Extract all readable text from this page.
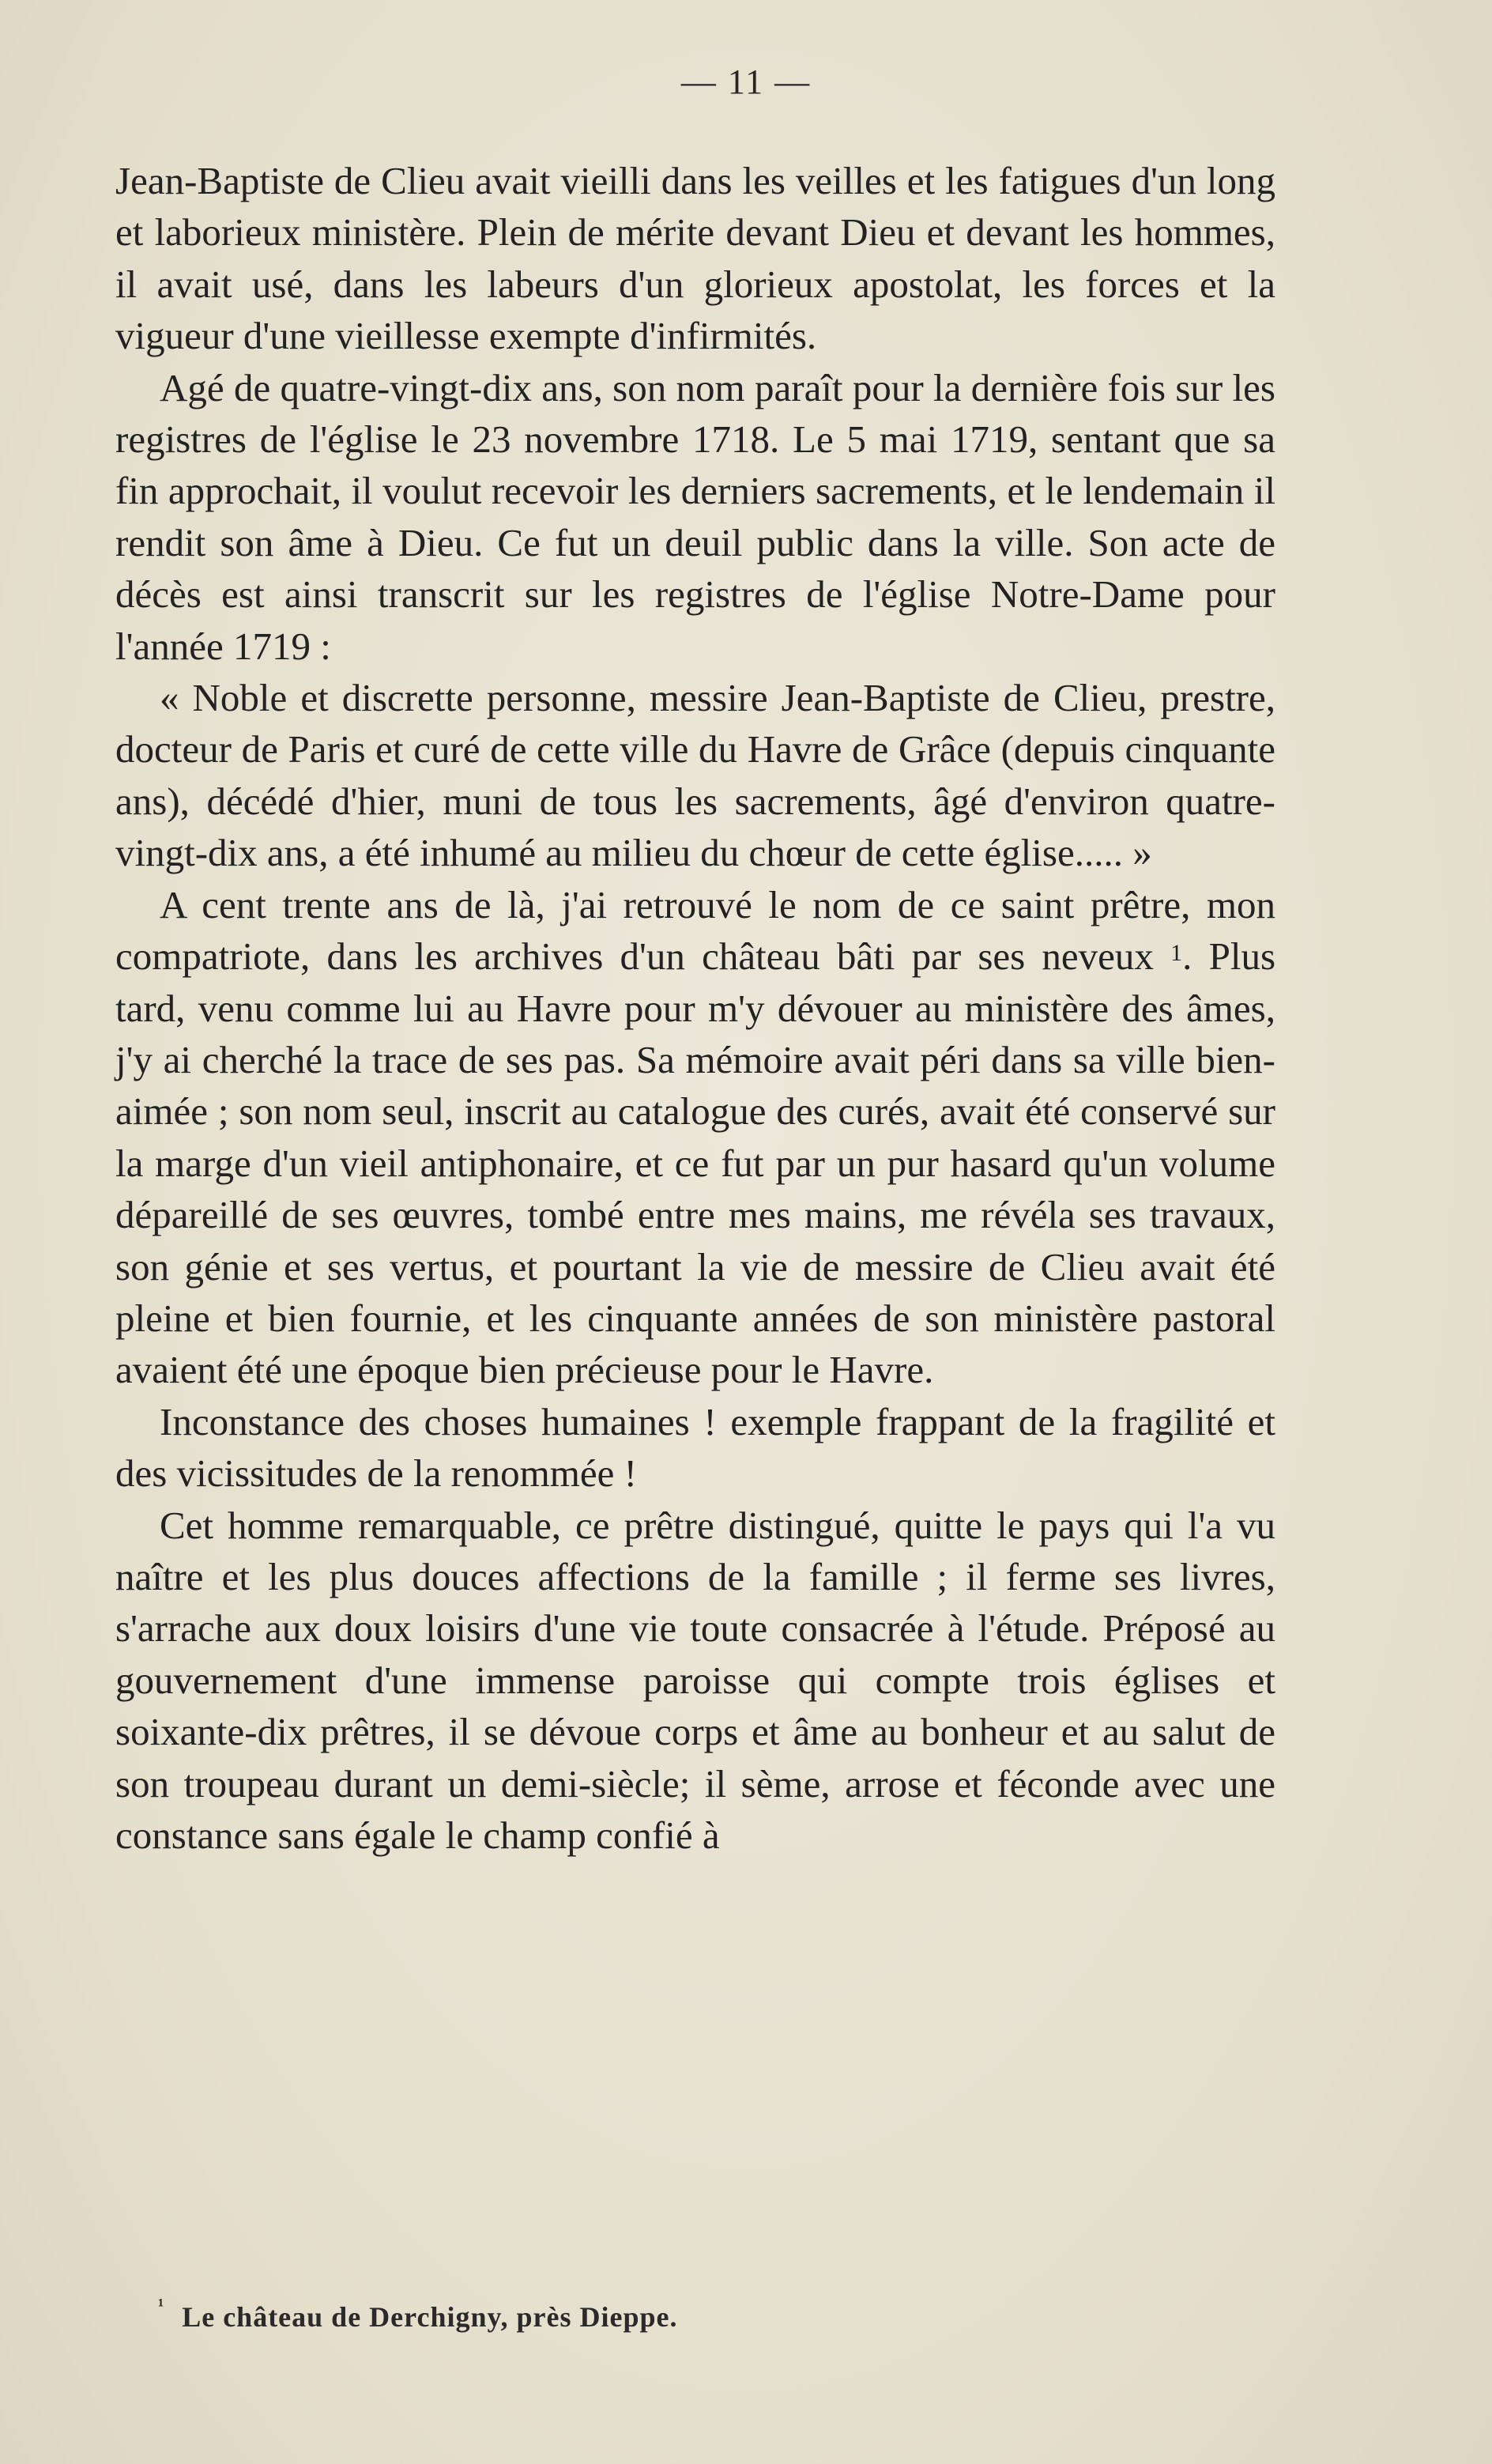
— 11 —

Jean-Baptiste de Clieu avait vieilli dans les veilles et les fatigues d'un long et laborieux ministère. Plein de mérite devant Dieu et devant les hommes, il avait usé, dans les labeurs d'un glorieux apostolat, les forces et la vigueur d'une vieillesse exempte d'infirmités.

Agé de quatre-vingt-dix ans, son nom paraît pour la dernière fois sur les registres de l'église le 23 novembre 1718. Le 5 mai 1719, sentant que sa fin approchait, il voulut recevoir les derniers sacrements, et le lendemain il rendit son âme à Dieu. Ce fut un deuil public dans la ville. Son acte de décès est ainsi transcrit sur les registres de l'église Notre-Dame pour l'année 1719 :

« Noble et discrette personne, messire Jean-Baptiste de Clieu, prestre, docteur de Paris et curé de cette ville du Havre de Grâce (depuis cinquante ans), décédé d'hier, muni de tous les sacrements, âgé d'environ quatre-vingt-dix ans, a été inhumé au milieu du chœur de cette église..... »

A cent trente ans de là, j'ai retrouvé le nom de ce saint prêtre, mon compatriote, dans les archives d'un château bâti par ses neveux $^1$. Plus tard, venu comme lui au Havre pour m'y dévouer au ministère des âmes, j'y ai cherché la trace de ses pas. Sa mémoire avait péri dans sa ville bien-aimée ; son nom seul, inscrit au catalogue des curés, avait été conservé sur la marge d'un vieil antiphonaire, et ce fut par un pur hasard qu'un volume dépareillé de ses œuvres, tombé entre mes mains, me révéla ses travaux, son génie et ses vertus, et pourtant la vie de messire de Clieu avait été pleine et bien fournie, et les cinquante années de son ministère pastoral avaient été une époque bien précieuse pour le Havre.

Inconstance des choses humaines ! exemple frappant de la fragilité et des vicissitudes de la renommée !

Cet homme remarquable, ce prêtre distingué, quitte le pays qui l'a vu naître et les plus douces affections de la famille ; il ferme ses livres, s'arrache aux doux loisirs d'une vie toute consacrée à l'étude. Préposé au gouvernement d'une immense paroisse qui compte trois églises et soixante-dix prêtres, il se dévoue corps et âme au bonheur et au salut de son troupeau durant un demi-siècle; il sème, arrose et féconde avec une constance sans égale le champ confié à

$^{^1}$ Le château de Derchigny, près Dieppe.
